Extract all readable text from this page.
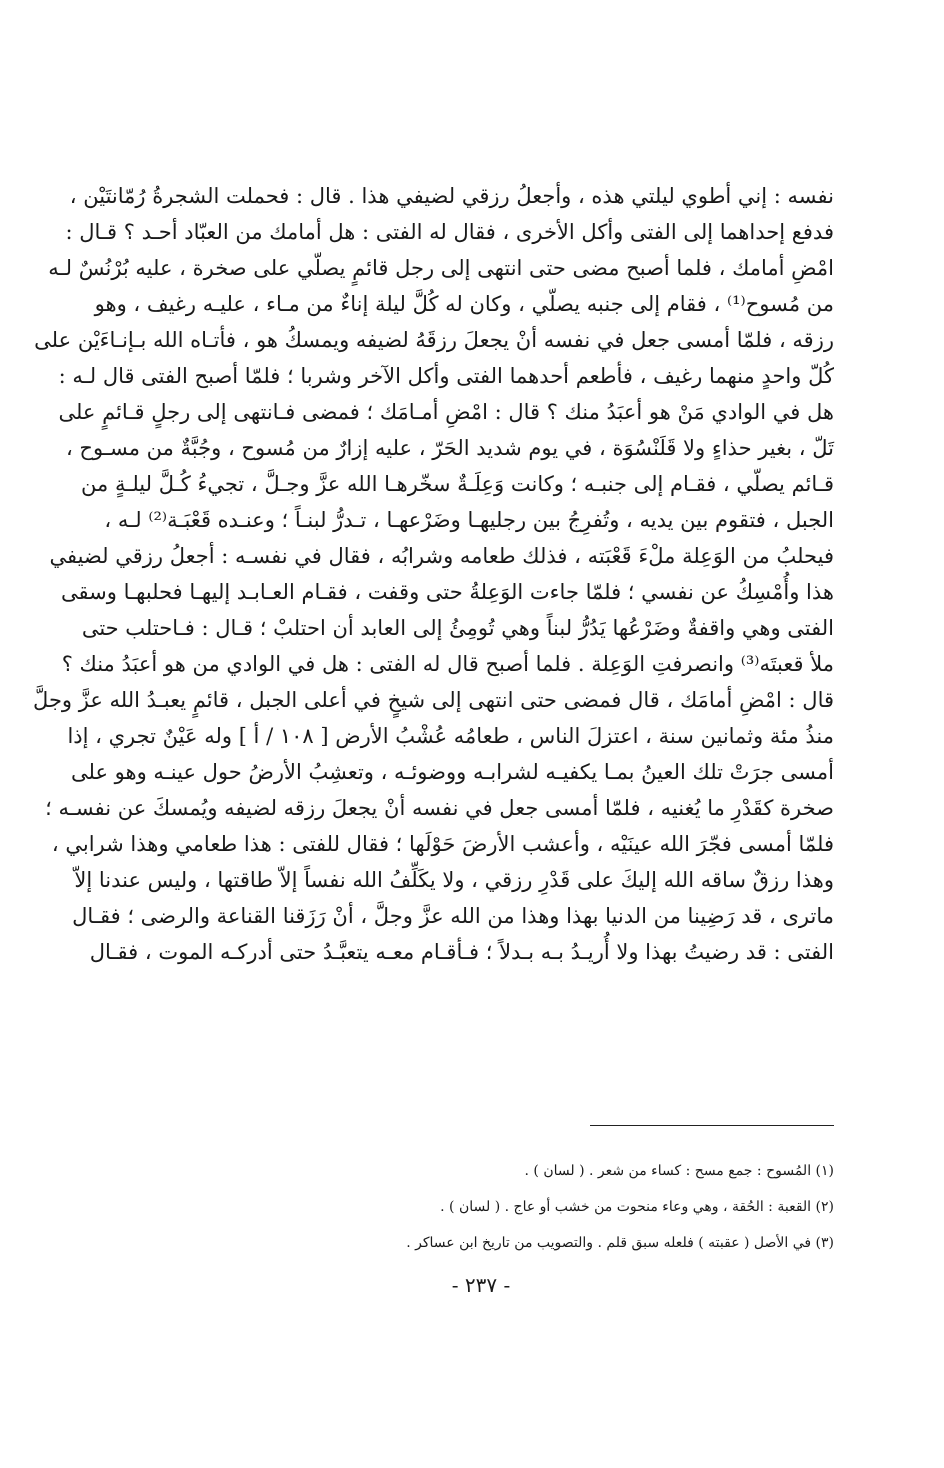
نفسه : إني أطوي ليلتي هذه ، وأجعلُ رزقي لضيفي هذا . قال : فحملت الشجرةُ رُمّانتَيْن ،
فدفع إحداهما إلى الفتى وأكل الأخرى ، فقال له الفتى : هل أمامك من العبّاد أحـد ؟ قـال :
امْضِ أمامك ، فلما أصبح مضى حتى انتهى إلى رجل قائمٍ يصلّي على صخرة ، عليه بُرْنُسٌ لـه
من مُسوح⁽¹⁾ ، فقام إلى جنبه يصلّي ، وكان له كُلَّ ليلة إناءٌ من مـاء ، عليـه رغيف ، وهو
رزقه ، فلمّا أمسى جعل في نفسه أنْ يجعلَ رزقَهُ لضيفه ويمسكُ هو ، فأتـاه الله بـإنـاءَيْن على
كُلّ واحدٍ منهما رغيف ، فأطعم أحدهما الفتى وأكل الآخر وشربا ؛ فلمّا أصبح الفتى قال لـه :
هل في الوادي مَنْ هو أعبَدُ منك ؟ قال : امْضِ أمـامَك ؛ فمضى فـانتهى إلى رجلٍ قـائمٍ على
تَلّ ، بغير حذاءٍ ولا قَلَنْسُوَة ، في يوم شديد الحَرّ ، عليه إزارٌ من مُسوح ، وجُبَّةٌ من مسـوح ،
قـائم يصلّي ، فقـام إلى جنبـه ؛ وكانت وَعِلَـةٌ سخّرهـا الله عزَّ وجـلَّ ، تجيءُ كُـلَّ ليلـةٍ من
الجبل ، فتقوم بين يديه ، وتُفرِجُ بين رجليهـا وضَرْعهـا ، تـدرُّ لبنـاً ؛ وعنـده قَعْبَـة⁽²⁾ لـه ،
فيحلبُ من الوَعِلة ملْءَ قَعْبَته ، فذلك طعامه وشرابُه ، فقال في نفسـه : أجعلُ رزقي لضيفي
هذا وأُمْسِكُ عن نفسي ؛ فلمّا جاءت الوَعِلةُ حتى وقفت ، فقـام العـابـد إليهـا فحلبهـا وسقى
الفتى وهي واقفةٌ وضَرْعُها يَدُرُّ لبناً وهي تُومِئُ إلى العابد أن احتلبْ ؛ قـال : فـاحتلب حتى
ملأ قعبتَه⁽³⁾ وانصرفتِ الوَعِلة . فلما أصبح قال له الفتى : هل في الوادي من هو أعبَدُ منك ؟
قال : امْضِ أمامَك ، قال فمضى حتى انتهى إلى شيخٍ في أعلى الجبل ، قائمٍ يعبـدُ الله عزَّ وجلَّ
منذُ مئة وثمانين سنة ، اعتزلَ الناس ، طعامُه عُشْبُ الأرض [ ١٠٨ / أ ] وله عَيْنٌ تجري ، إذا
أمسى جرَتْ تلك العينُ بمـا يكفيـه لشرابـه ووضوئـه ، وتعشِبُ الأرضُ حول عينـه وهو على
صخرة كقَدْرِ ما يُغنيه ، فلمّا أمسى جعل في نفسه أنْ يجعلَ رزقه لضيفه ويُمسكَ عن نفسـه ؛
فلمّا أمسى فجّرَ الله عينَيْه ، وأعشب الأرضَ حَوْلَها ؛ فقال للفتى : هذا طعامي وهذا شرابي ،
وهذا رزقٌ ساقه الله إليكَ على قَدْرِ رزقي ، ولا يكَلِّفُ الله نفساً إلاّ طاقتها ، وليس عندنا إلاّ
ماترى ، قد رَضِينا من الدنيا بهذا وهذا من الله عزَّ وجلَّ ، أنْ رَزَقنا القناعة والرضى ؛ فقـال
الفتى : قد رضيتُ بهذا ولا أُريـدُ بـه بـدلاً ؛ فـأقـام معـه يتعبَّـدُ حتى أدركـه الموت ، فقـال
(١) المُسوح : جمع مسح : كساء من شعر . ( لسان ) .
(٢) القعبة : الحُقة ، وهي وعاء منحوت من خشب أو عاج . ( لسان ) .
(٣) في الأصل ( عقبته ) فلعله سبق قلم . والتصويب من تاريخ ابن عساكر .
- ٢٣٧ -
